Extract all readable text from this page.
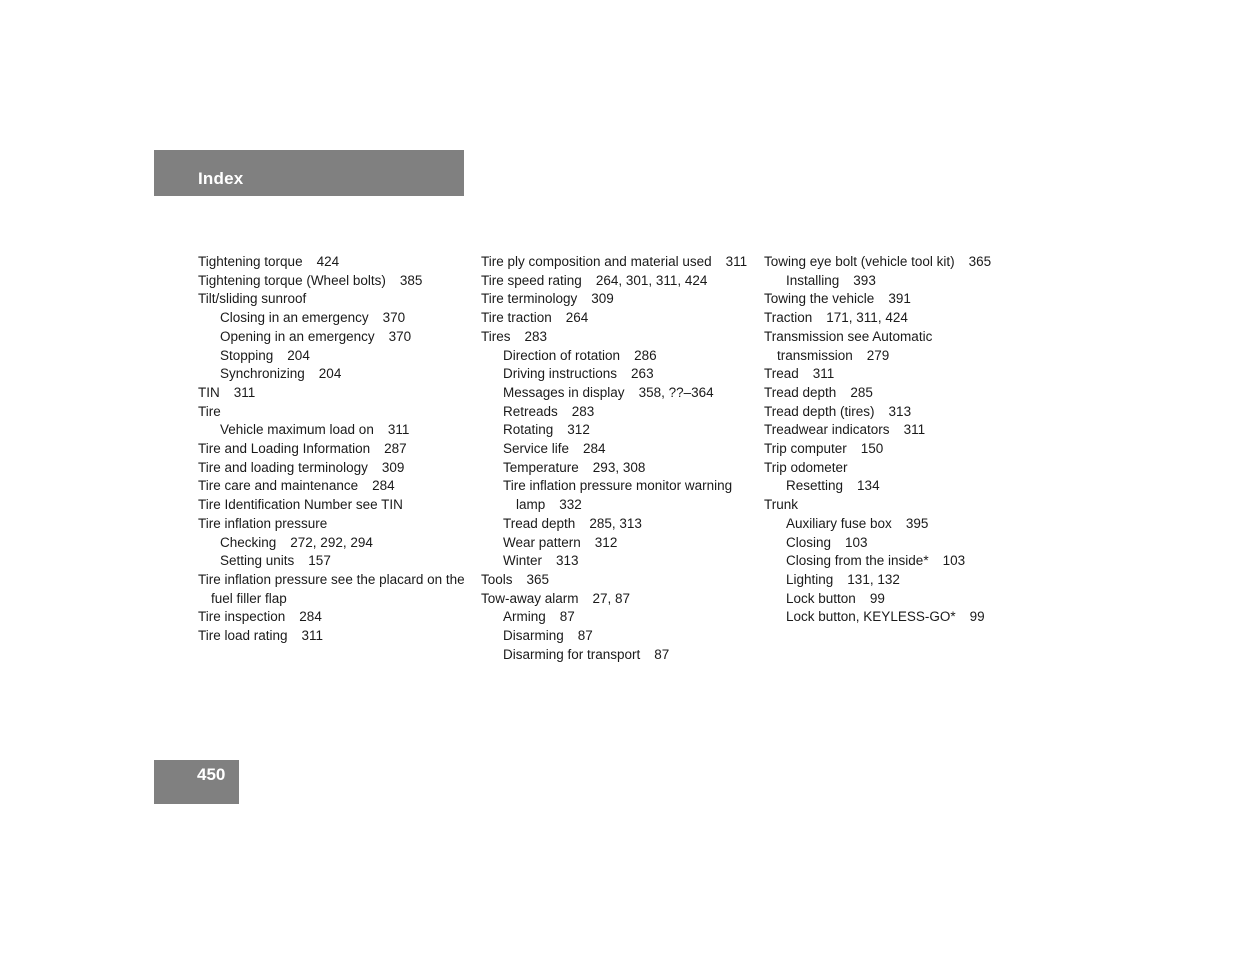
Index
Tightening torque 424
Tightening torque (Wheel bolts) 385
Tilt/sliding sunroof
Closing in an emergency 370
Opening in an emergency 370
Stopping 204
Synchronizing 204
TIN 311
Tire
Vehicle maximum load on 311
Tire and Loading Information 287
Tire and loading terminology 309
Tire care and maintenance 284
Tire Identification Number see TIN
Tire inflation pressure
Checking 272, 292, 294
Setting units 157
Tire inflation pressure see the placard on the fuel filler flap
Tire inspection 284
Tire load rating 311
Tire ply composition and material used 311
Tire speed rating 264, 301, 311, 424
Tire terminology 309
Tire traction 264
Tires 283
Direction of rotation 286
Driving instructions 263
Messages in display 358, ??–364
Retreads 283
Rotating 312
Service life 284
Temperature 293, 308
Tire inflation pressure monitor warning lamp 332
Tread depth 285, 313
Wear pattern 312
Winter 313
Tools 365
Tow-away alarm 27, 87
Arming 87
Disarming 87
Disarming for transport 87
Towing eye bolt (vehicle tool kit) 365
Installing 393
Towing the vehicle 391
Traction 171, 311, 424
Transmission see Automatic transmission 279
Tread 311
Tread depth 285
Tread depth (tires) 313
Treadwear indicators 311
Trip computer 150
Trip odometer
Resetting 134
Trunk
Auxiliary fuse box 395
Closing 103
Closing from the inside* 103
Lighting 131, 132
Lock button 99
Lock button, KEYLESS-GO* 99
450
